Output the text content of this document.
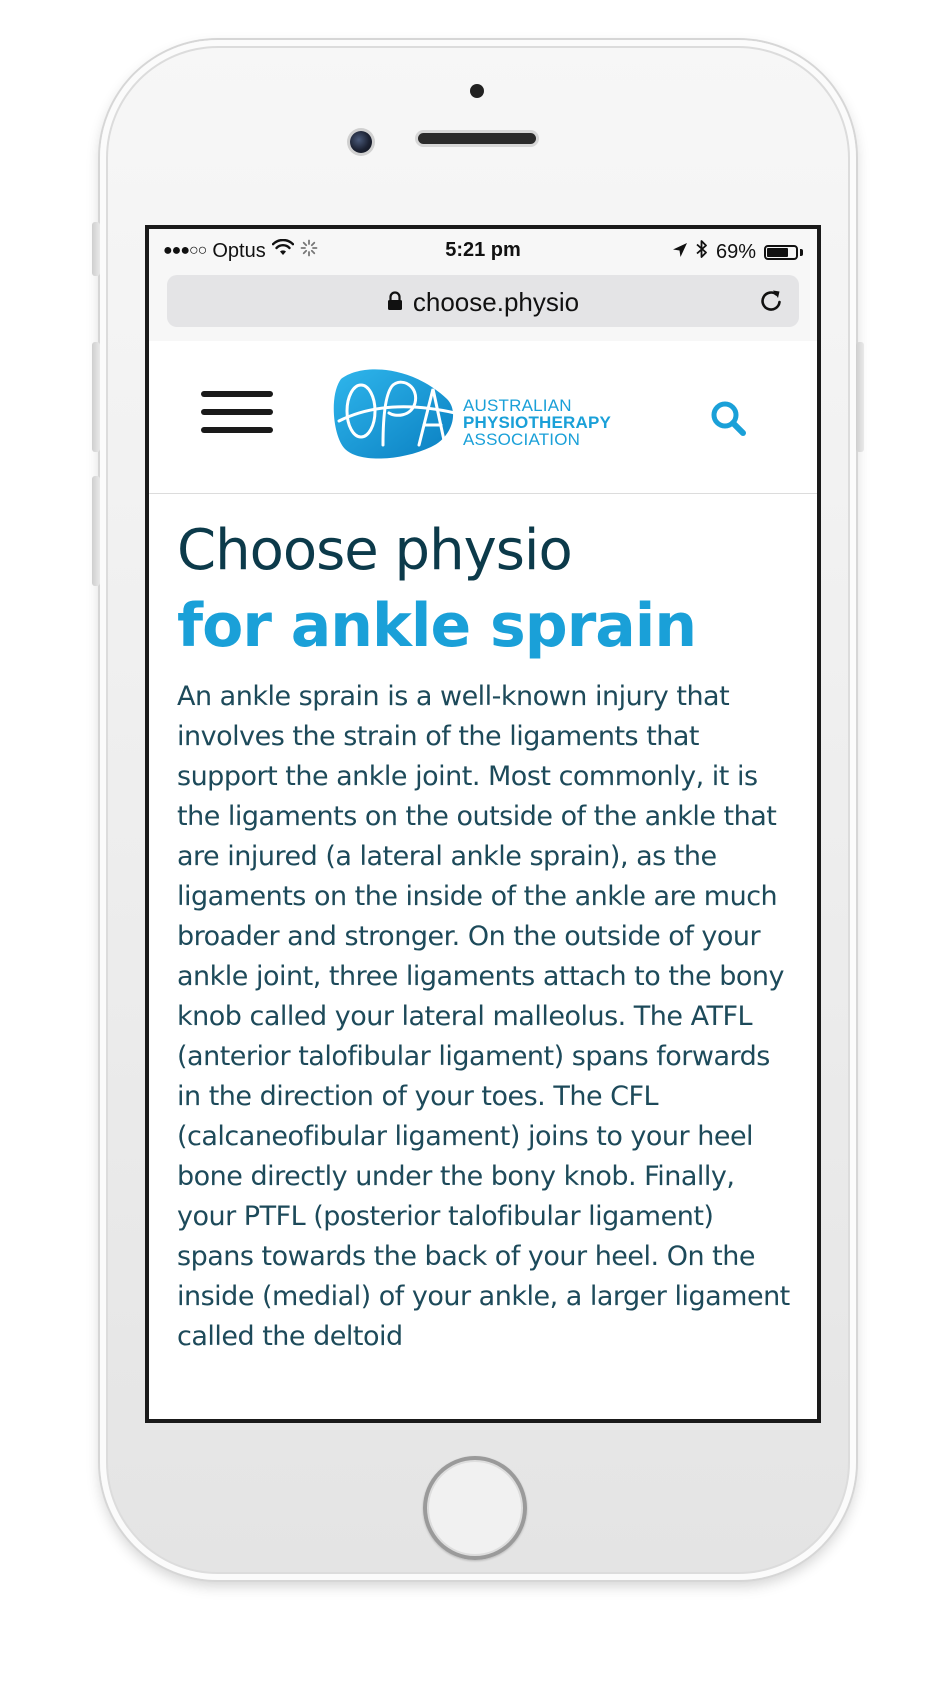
●●●○○ Optus	5:21 pm	69%
choose.physio
AUSTRALIAN
PHYSIOTHERAPY
ASSOCIATION
Choose physio
for ankle sprain

An ankle sprain is a well-known injury that involves the strain of the ligaments that support the ankle joint. Most commonly, it is the ligaments on the outside of the ankle that are injured (a lateral ankle sprain), as the ligaments on the inside of the ankle are much broader and stronger. On the outside of your ankle joint, three ligaments attach to the bony knob called your lateral malleolus. The ATFL (anterior talofibular ligament) spans forwards in the direction of your toes. The CFL (calcaneofibular ligament) joins to your heel bone directly under the bony knob. Finally, your PTFL (posterior talofibular ligament) spans towards the back of your heel. On the inside (medial) of your ankle, a larger ligament called the deltoid
